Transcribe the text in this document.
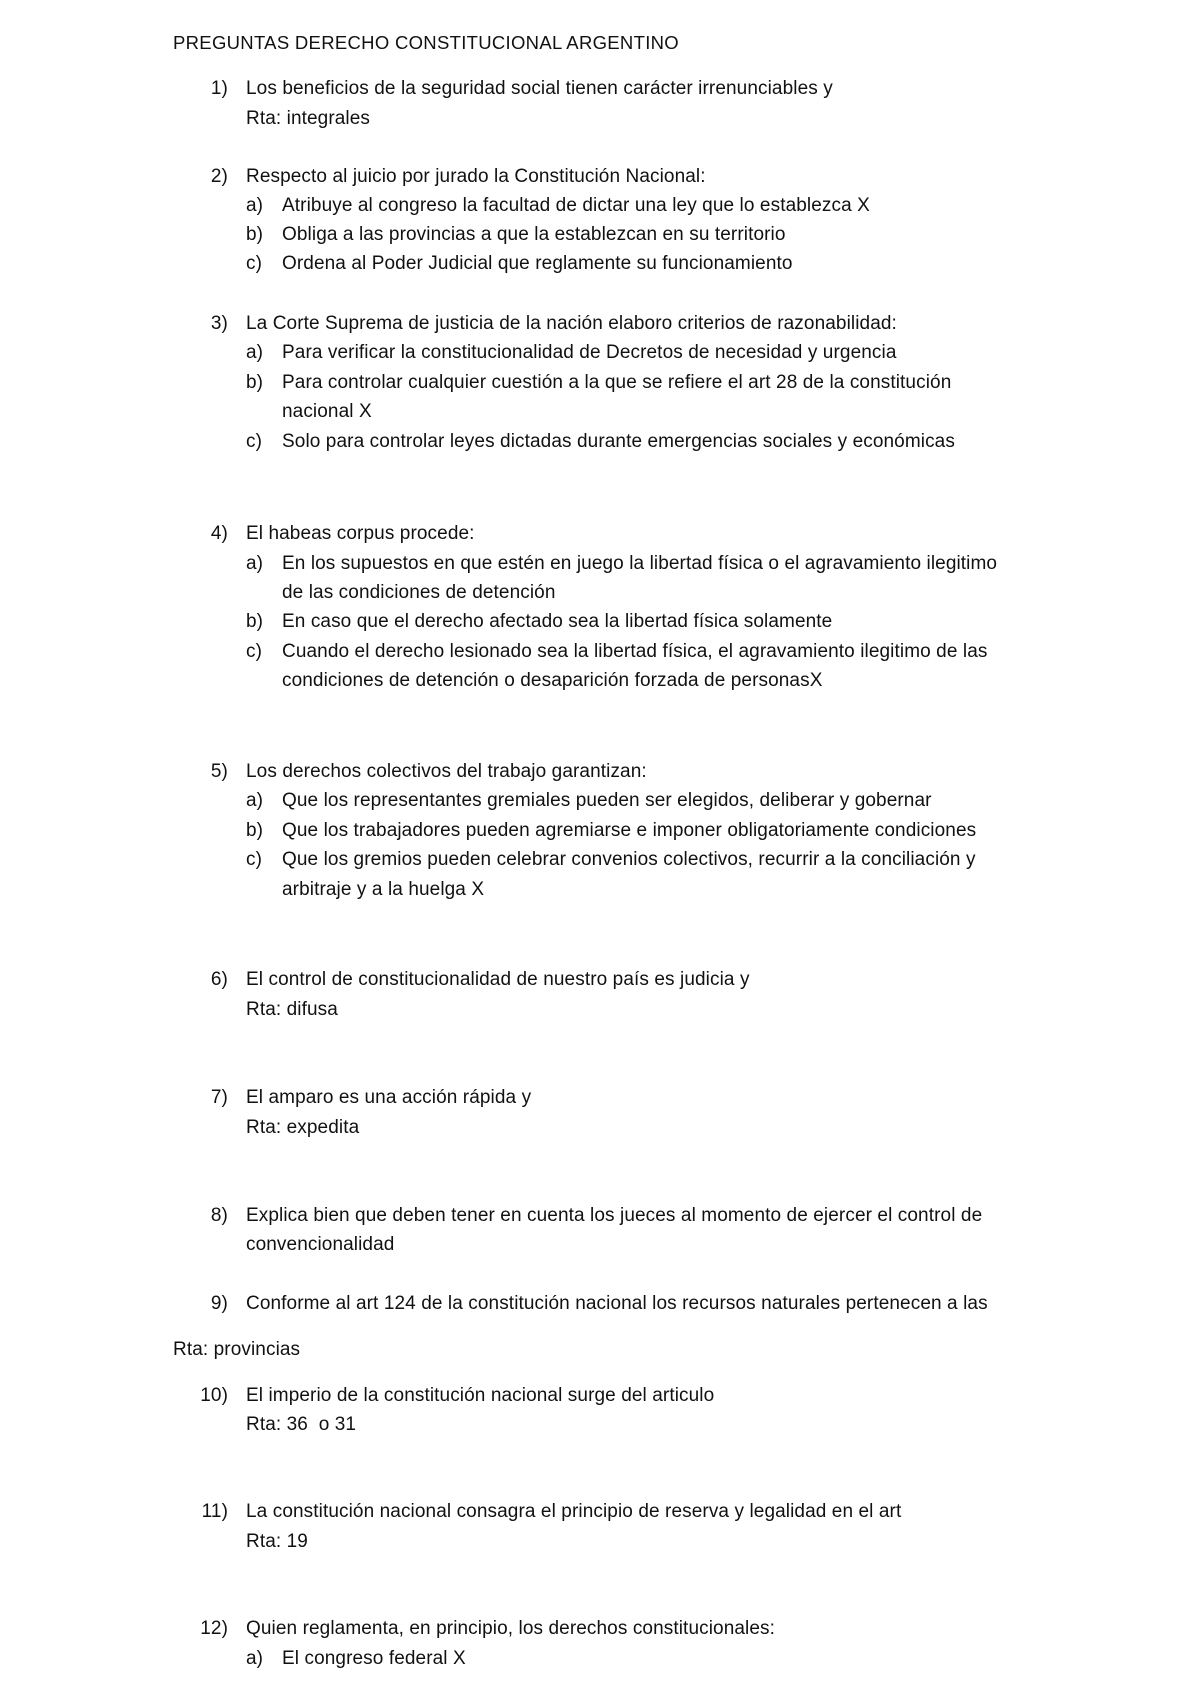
PREGUNTAS DERECHO CONSTITUCIONAL ARGENTINO
1) Los beneficios de la seguridad social tienen carácter irrenunciables y
Rta: integrales
2) Respecto al juicio por jurado la Constitución Nacional:
a) Atribuye al congreso la facultad de dictar una ley que lo establezca X
b) Obliga a las provincias a que la establezcan en su territorio
c)	Ordena al Poder Judicial que reglamente su funcionamiento
3) La Corte Suprema de justicia de la nación elaboro criterios de razonabilidad:
a) Para verificar la constitucionalidad de Decretos de necesidad y urgencia
b) Para controlar cualquier cuestión a la que se refiere el art 28 de la constitución
nacional X
c)	Solo para controlar leyes dictadas durante emergencias sociales y económicas
4) El habeas corpus procede:
a) En los supuestos en que estén en juego la libertad física o el agravamiento ilegitimo
de las condiciones de detención
b) En caso que el derecho afectado sea la libertad física solamente
c)	Cuando el derecho lesionado sea la libertad física, el agravamiento ilegitimo de las
condiciones de detención o desaparición forzada de personasX
5) Los derechos colectivos del trabajo garantizan:
a) Que los representantes gremiales pueden ser elegidos, deliberar y gobernar
b) Que los trabajadores pueden agremiarse e imponer obligatoriamente condiciones
c)	Que los gremios pueden celebrar convenios colectivos, recurrir a la conciliación y
arbitraje y a la huelga X
6) El control de constitucionalidad de nuestro país es judicia y
Rta: difusa
7) El amparo es una acción rápida y
Rta: expedita
8) Explica bien que deben tener en cuenta los jueces al momento de ejercer el control de
convencionalidad
9) Conforme al art 124 de la constitución nacional los recursos naturales pertenecen a las
Rta: provincias
10) El imperio de la constitución nacional surge del articulo
Rta: 36  o 31
11) La constitución nacional consagra el principio de reserva y legalidad en el art
Rta: 19
12) Quien reglamenta, en principio, los derechos constitucionales:
a) El congreso federal X
